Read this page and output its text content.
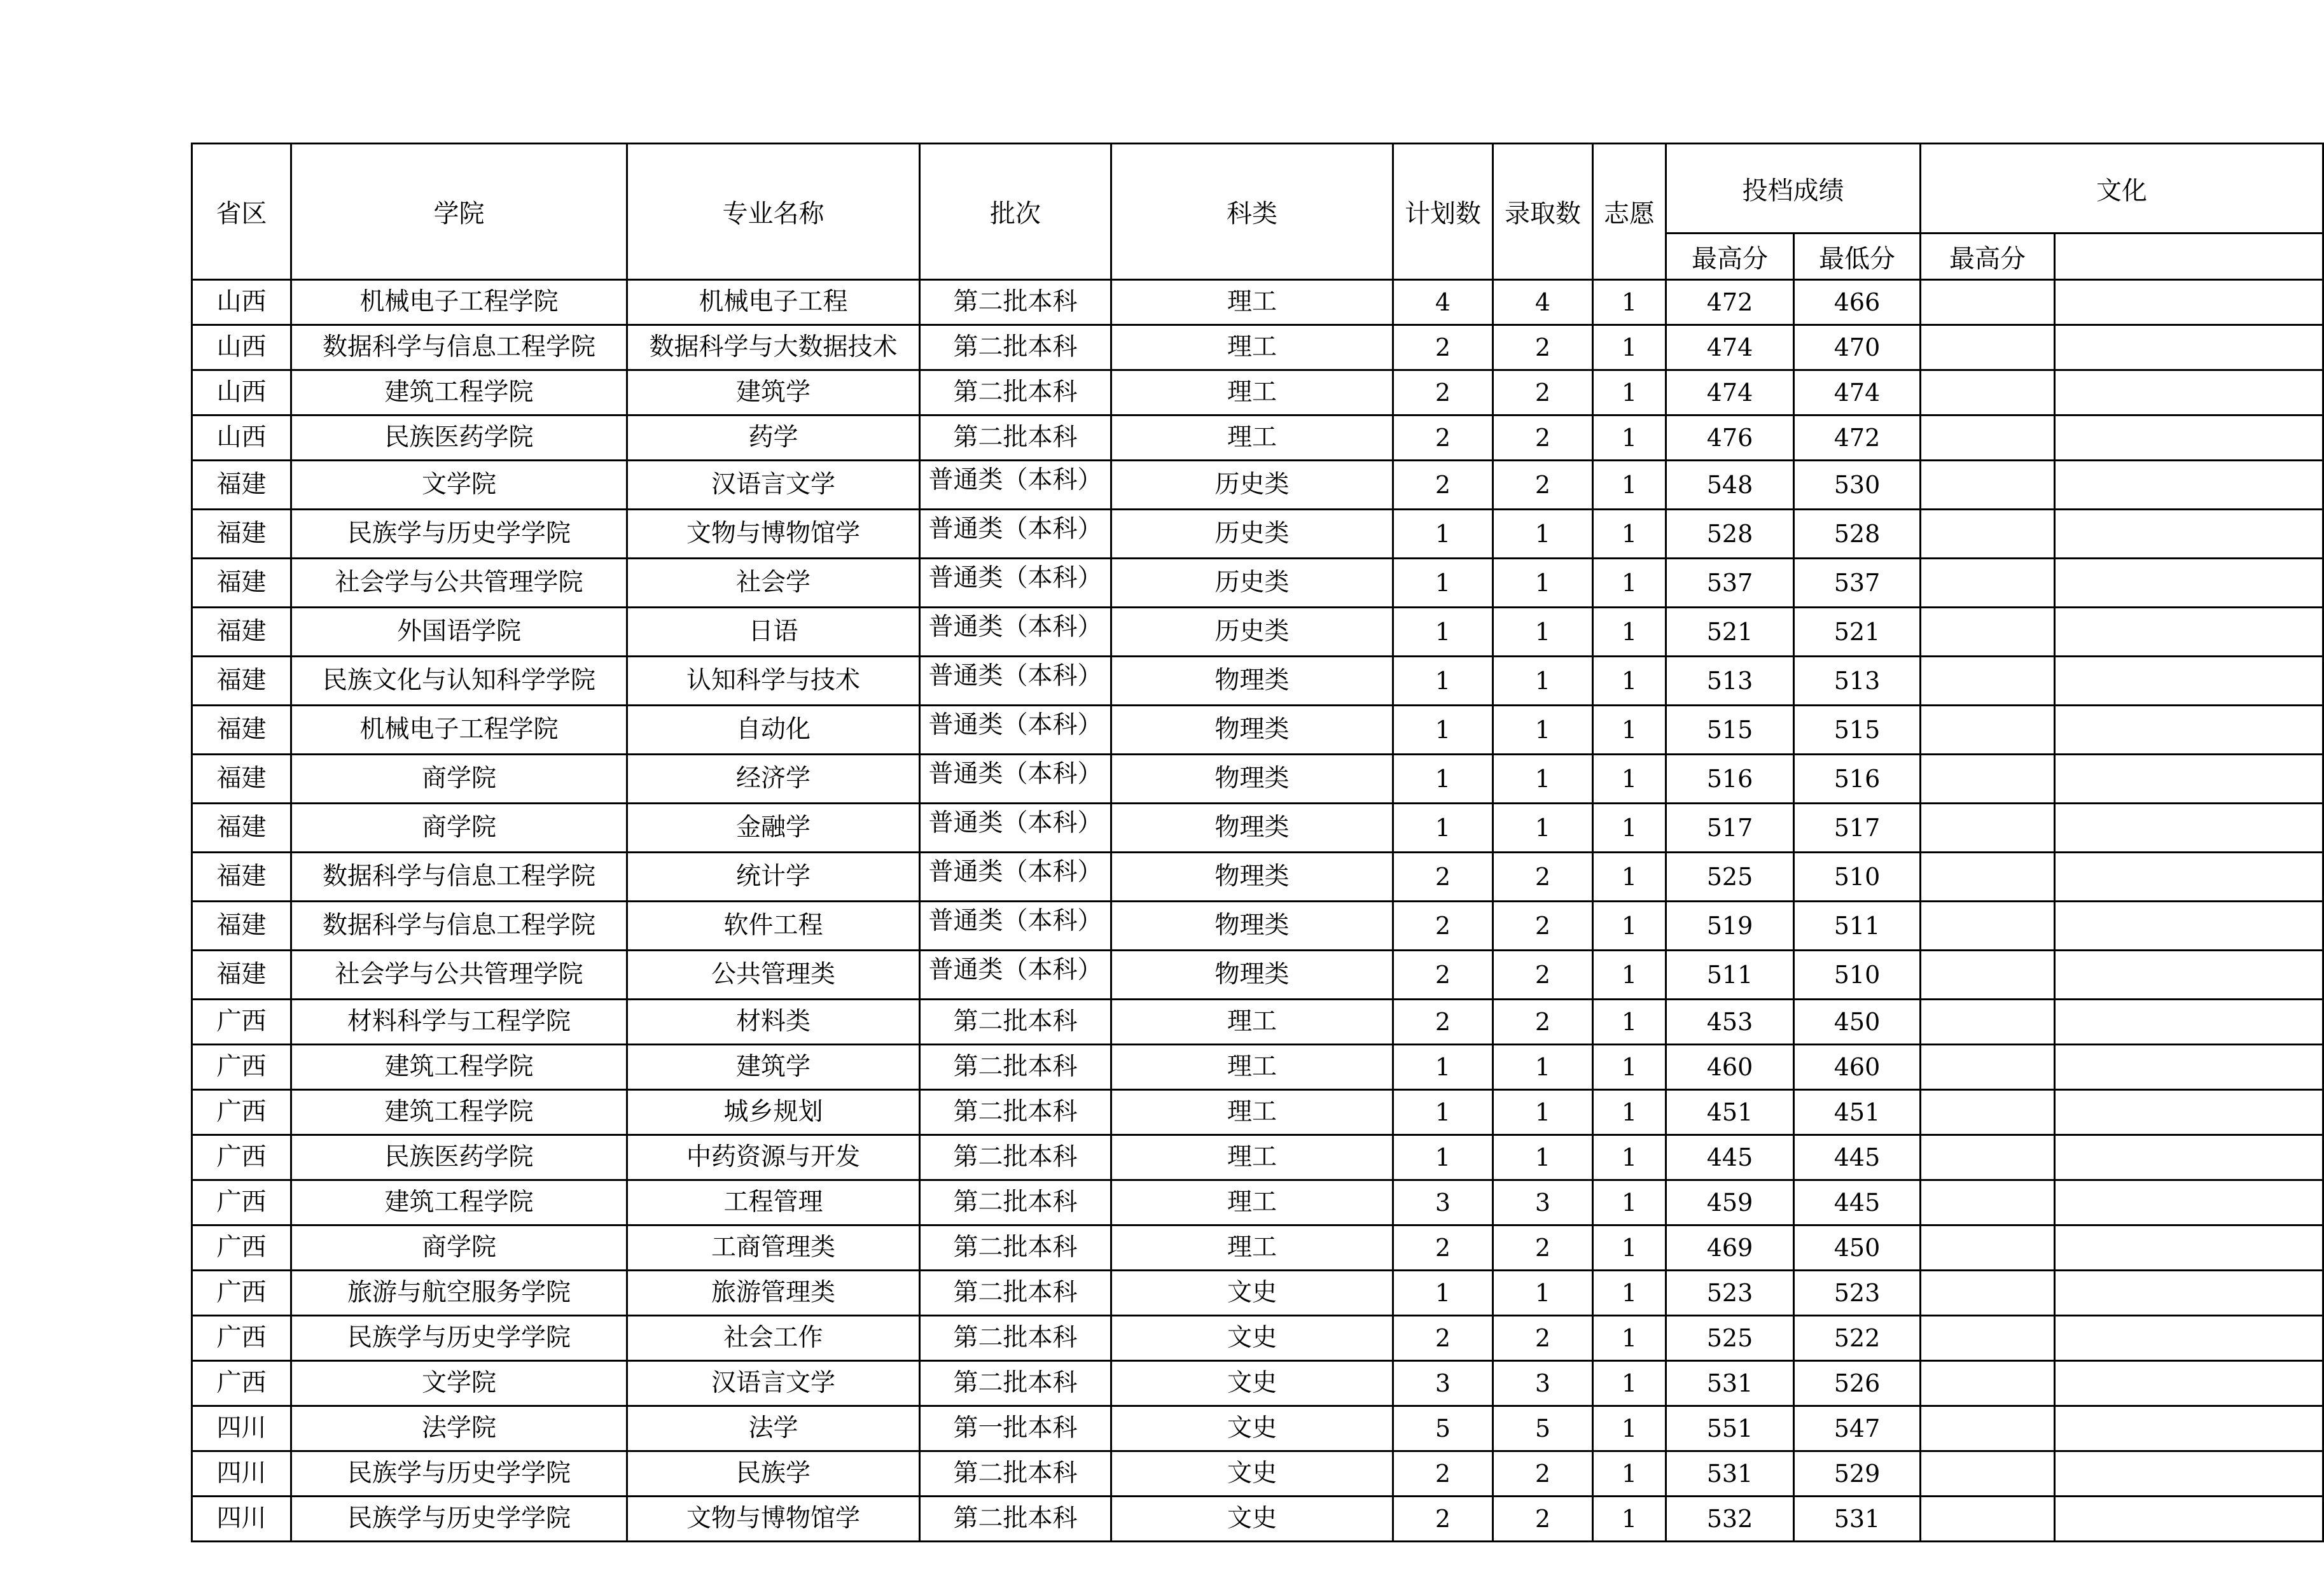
省区	学院	专业名称	批次	科类	计划数	录取数	志愿	投档成绩		文化	
								最高分	最低分	最高分	
山西	机械电子工程学院	机械电子工程	第二批本科	理工	4	4	1	472	466		
山西	数据科学与信息工程学院	数据科学与大数据技术	第二批本科	理工	2	2	1	474	470		
山西	建筑工程学院	建筑学	第二批本科	理工	2	2	1	474	474		
山西	民族医药学院	药学	第二批本科	理工	2	2	1	476	472		
福建	文学院	汉语言文学	普通类（本科）	历史类	2	2	1	548	530		
福建	民族学与历史学学院	文物与博物馆学	普通类（本科）	历史类	1	1	1	528	528		
福建	社会学与公共管理学院	社会学	普通类（本科）	历史类	1	1	1	537	537		
福建	外国语学院	日语	普通类（本科）	历史类	1	1	1	521	521		
福建	民族文化与认知科学学院	认知科学与技术	普通类（本科）	物理类	1	1	1	513	513		
福建	机械电子工程学院	自动化	普通类（本科）	物理类	1	1	1	515	515		
福建	商学院	经济学	普通类（本科）	物理类	1	1	1	516	516		
福建	商学院	金融学	普通类（本科）	物理类	1	1	1	517	517		
福建	数据科学与信息工程学院	统计学	普通类（本科）	物理类	2	2	1	525	510		
福建	数据科学与信息工程学院	软件工程	普通类（本科）	物理类	2	2	1	519	511		
福建	社会学与公共管理学院	公共管理类	普通类（本科）	物理类	2	2	1	511	510		
广西	材料科学与工程学院	材料类	第二批本科	理工	2	2	1	453	450		
广西	建筑工程学院	建筑学	第二批本科	理工	1	1	1	460	460		
广西	建筑工程学院	城乡规划	第二批本科	理工	1	1	1	451	451		
广西	民族医药学院	中药资源与开发	第二批本科	理工	1	1	1	445	445		
广西	建筑工程学院	工程管理	第二批本科	理工	3	3	1	459	445		
广西	商学院	工商管理类	第二批本科	理工	2	2	1	469	450		
广西	旅游与航空服务学院	旅游管理类	第二批本科	文史	1	1	1	523	523		
广西	民族学与历史学学院	社会工作	第二批本科	文史	2	2	1	525	522		
广西	文学院	汉语言文学	第二批本科	文史	3	3	1	531	526		
四川	法学院	法学	第一批本科	文史	5	5	1	551	547		
四川	民族学与历史学学院	民族学	第二批本科	文史	2	2	1	531	529		
四川	民族学与历史学学院	文物与博物馆学	第二批本科	文史	2	2	1	532	531		
